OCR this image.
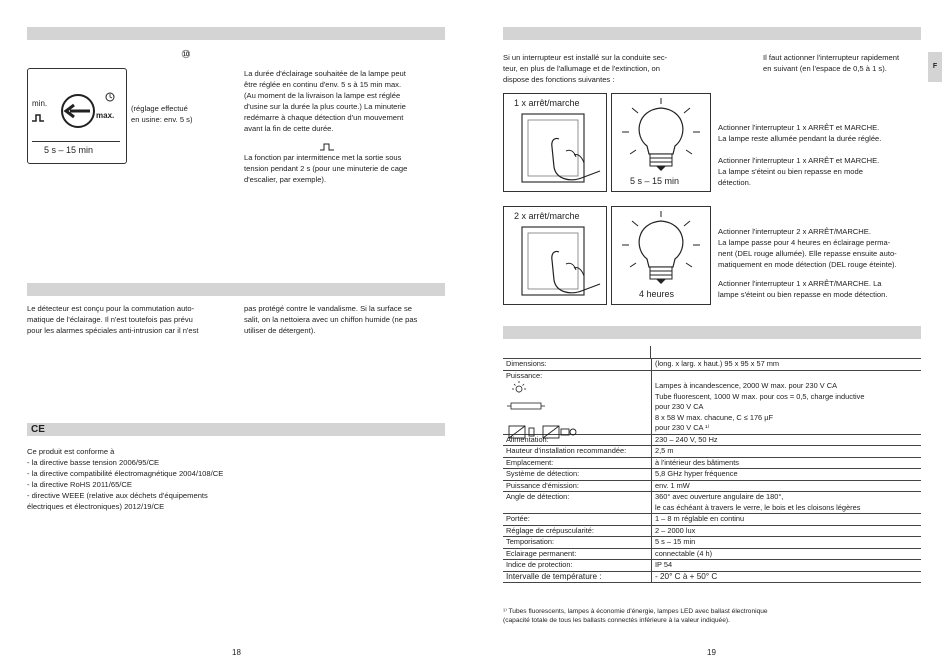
⑩
min.
max.
5 s – 15 min
(réglage effectué
en usine: env. 5 s)
La durée d'éclairage souhaitée de la lampe peut
être réglée en continu d'env. 5 s à 15 min max.
(Au moment de la livraison la lampe est réglée
d'usine sur la durée la plus courte.) La minuterie
redémarre à chaque détection d'un mouvement
avant la fin de cette durée.
La fonction par intermittence met la sortie sous
tension pendant 2 s (pour une minuterie de cage
d'escalier, par exemple).
Le détecteur est conçu pour la commutation auto-
matique de l'éclairage. Il n'est toutefois pas prévu
pour les alarmes spéciales anti-intrusion car il n'est
pas protégé contre le vandalisme. Si la surface se
salit, on la nettoiera avec un chiffon humide (ne pas
utiliser de détergent).
CE
Ce produit est conforme à
- la directive basse tension 2006/95/CE
- la directive compatibilité électromagnétique 2004/108/CE
- la directive RoHS 2011/65/CE
- directive WEEE (relative aux déchets d'équipements
électriques et électroniques) 2012/19/CE
18
Si un interrupteur est installé sur la conduite sec-
teur, en plus de l'allumage et de l'extinction, on
dispose des fonctions suivantes :
Il faut actionner l'interrupteur rapidement
en suivant (en l'espace de 0,5 à 1 s).	F
1 x arrêt/marche
5 s – 15 min
Actionner l'interrupteur 1 x ARRÊT et MARCHE.
La lampe reste allumée pendant la durée réglée.
Actionner l'interrupteur 1 x ARRÊT et MARCHE.
La lampe s'éteint ou bien repasse en mode
détection.
2 x arrêt/marche
4 heures
Actionner l'interrupteur 2 x ARRÊT/MARCHE.
La lampe passe pour 4 heures en éclairage perma-
nent (DEL rouge allumée). Elle repasse ensuite auto-
matiquement en mode détection (DEL rouge éteinte).
Actionner l'interrupteur 1 x ARRÊT/MARCHE. La
lampe s'éteint ou bien repasse en mode détection.
Dimensions:	(long. x larg. x haut.) 95 x 95 x 57 mm
Puissance:	
Lampes à incandescence, 2000 W max. pour 230 V CA
Tube fluorescent, 1000 W max. pour cos = 0,5, charge inductive
pour 230 V CA
8 x 58 W max. chacune, C ≤ 176 µF
pour 230 V CA ¹⁾
Alimentation:	230 – 240 V, 50 Hz
Hauteur d'installation recommandée:	2,5 m
Emplacement:	à l'intérieur des bâtiments
Système de détection:	5,8 GHz hyper fréquence
Puissance d'émission:	env. 1 mW
Angle de détection:	360° avec ouverture angulaire de 180°,
le cas échéant à travers le verre, le bois et les cloisons légères
Portée:	1 – 8 m réglable en continu
Réglage de crépuscularité:	2 – 2000 lux
Temporisation:	5 s – 15 min
Eclairage permanent:	connectable (4 h)
Indice de protection:	IP 54
Intervalle de température :	- 20° C à + 50° C
¹⁾ Tubes fluorescents, lampes à économie d'énergie, lampes LED avec ballast électronique
(capacité totale de tous les ballasts connectés inférieure à la valeur indiquée).
19
